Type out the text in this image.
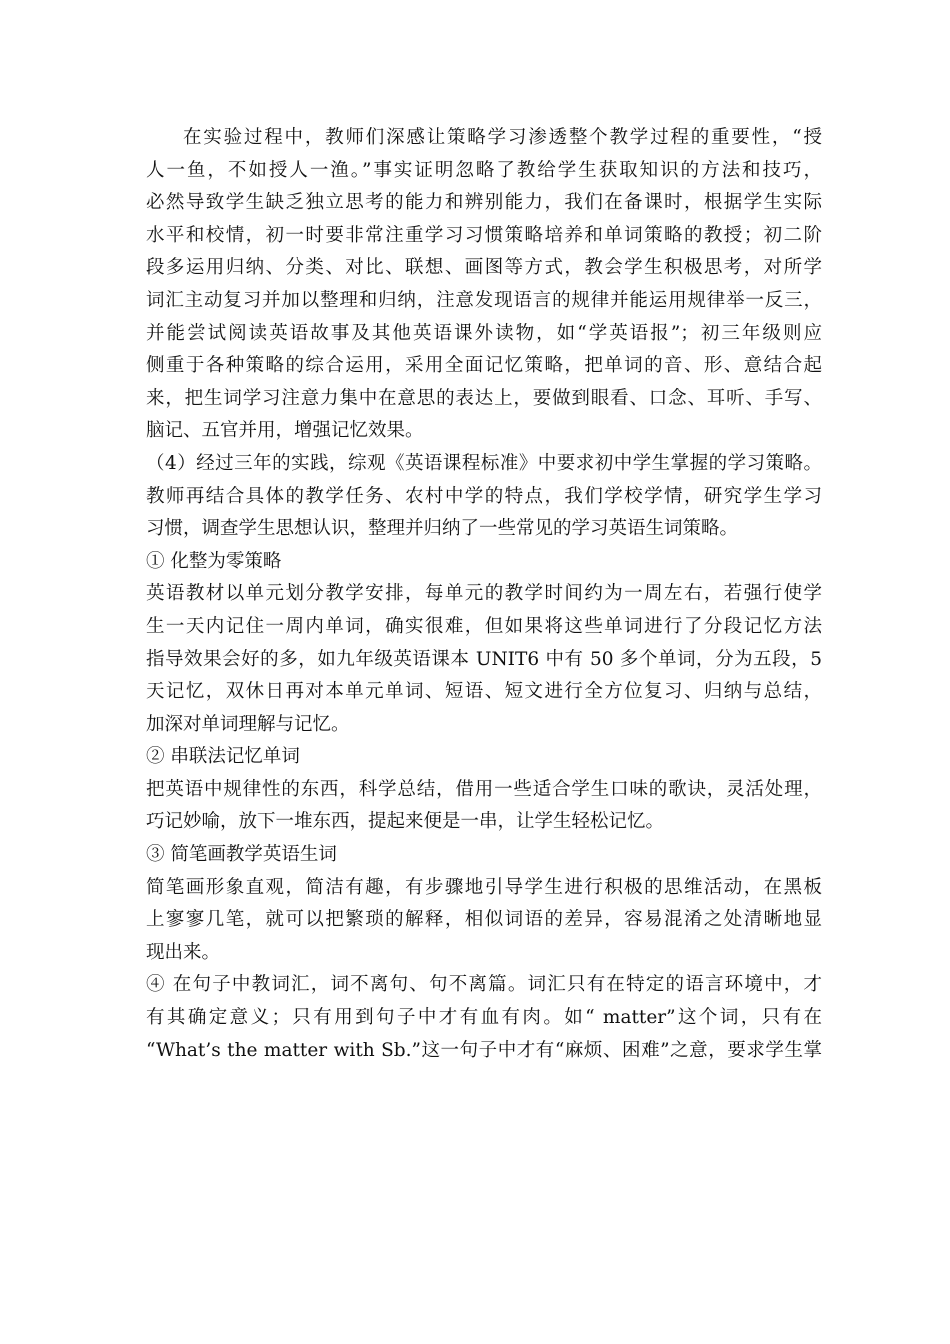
在实验过程中，教师们深感让策略学习渗透整个教学过程的重要性，“授
人一鱼，不如授人一渔。”事实证明忽略了教给学生获取知识的方法和技巧，
必然导致学生缺乏独立思考的能力和辨别能力，我们在备课时，根据学生实际
水平和校情，初一时要非常注重学习习惯策略培养和单词策略的教授；初二阶
段多运用归纳、分类、对比、联想、画图等方式，教会学生积极思考，对所学
词汇主动复习并加以整理和归纳，注意发现语言的规律并能运用规律举一反三，
并能尝试阅读英语故事及其他英语课外读物，如“学英语报”；初三年级则应
侧重于各种策略的综合运用，采用全面记忆策略，把单词的音、形、意结合起
来，把生词学习注意力集中在意思的表达上，要做到眼看、口念、耳听、手写、
脑记、五官并用，增强记忆效果。
（4）经过三年的实践，综观《英语课程标准》中要求初中学生掌握的学习策略。
教师再结合具体的教学任务、农村中学的特点，我们学校学情，研究学生学习
习惯，调查学生思想认识，整理并归纳了一些常见的学习英语生词策略。
① 化整为零策略
英语教材以单元划分教学安排，每单元的教学时间约为一周左右，若强行使学
生一天内记住一周内单词，确实很难，但如果将这些单词进行了分段记忆方法
指导效果会好的多，如九年级英语课本 UNIT6 中有 50 多个单词，分为五段，5
天记忆，双休日再对本单元单词、短语、短文进行全方位复习、归纳与总结，
加深对单词理解与记忆。
② 串联法记忆单词
把英语中规律性的东西，科学总结，借用一些适合学生口味的歌诀，灵活处理，
巧记妙喻，放下一堆东西，提起来便是一串，让学生轻松记忆。
③ 简笔画教学英语生词
简笔画形象直观，简洁有趣，有步骤地引导学生进行积极的思维活动，在黑板
上寥寥几笔，就可以把繁琐的解释，相似词语的差异，容易混淆之处清晰地显
现出来。
④ 在句子中教词汇，词不离句、句不离篇。词汇只有在特定的语言环境中，才
有其确定意义；只有用到句子中才有血有肉。如“ matter”这个词，只有在
“What’s the matter with Sb.”这一句子中才有“麻烦、困难”之意，要求学生掌
